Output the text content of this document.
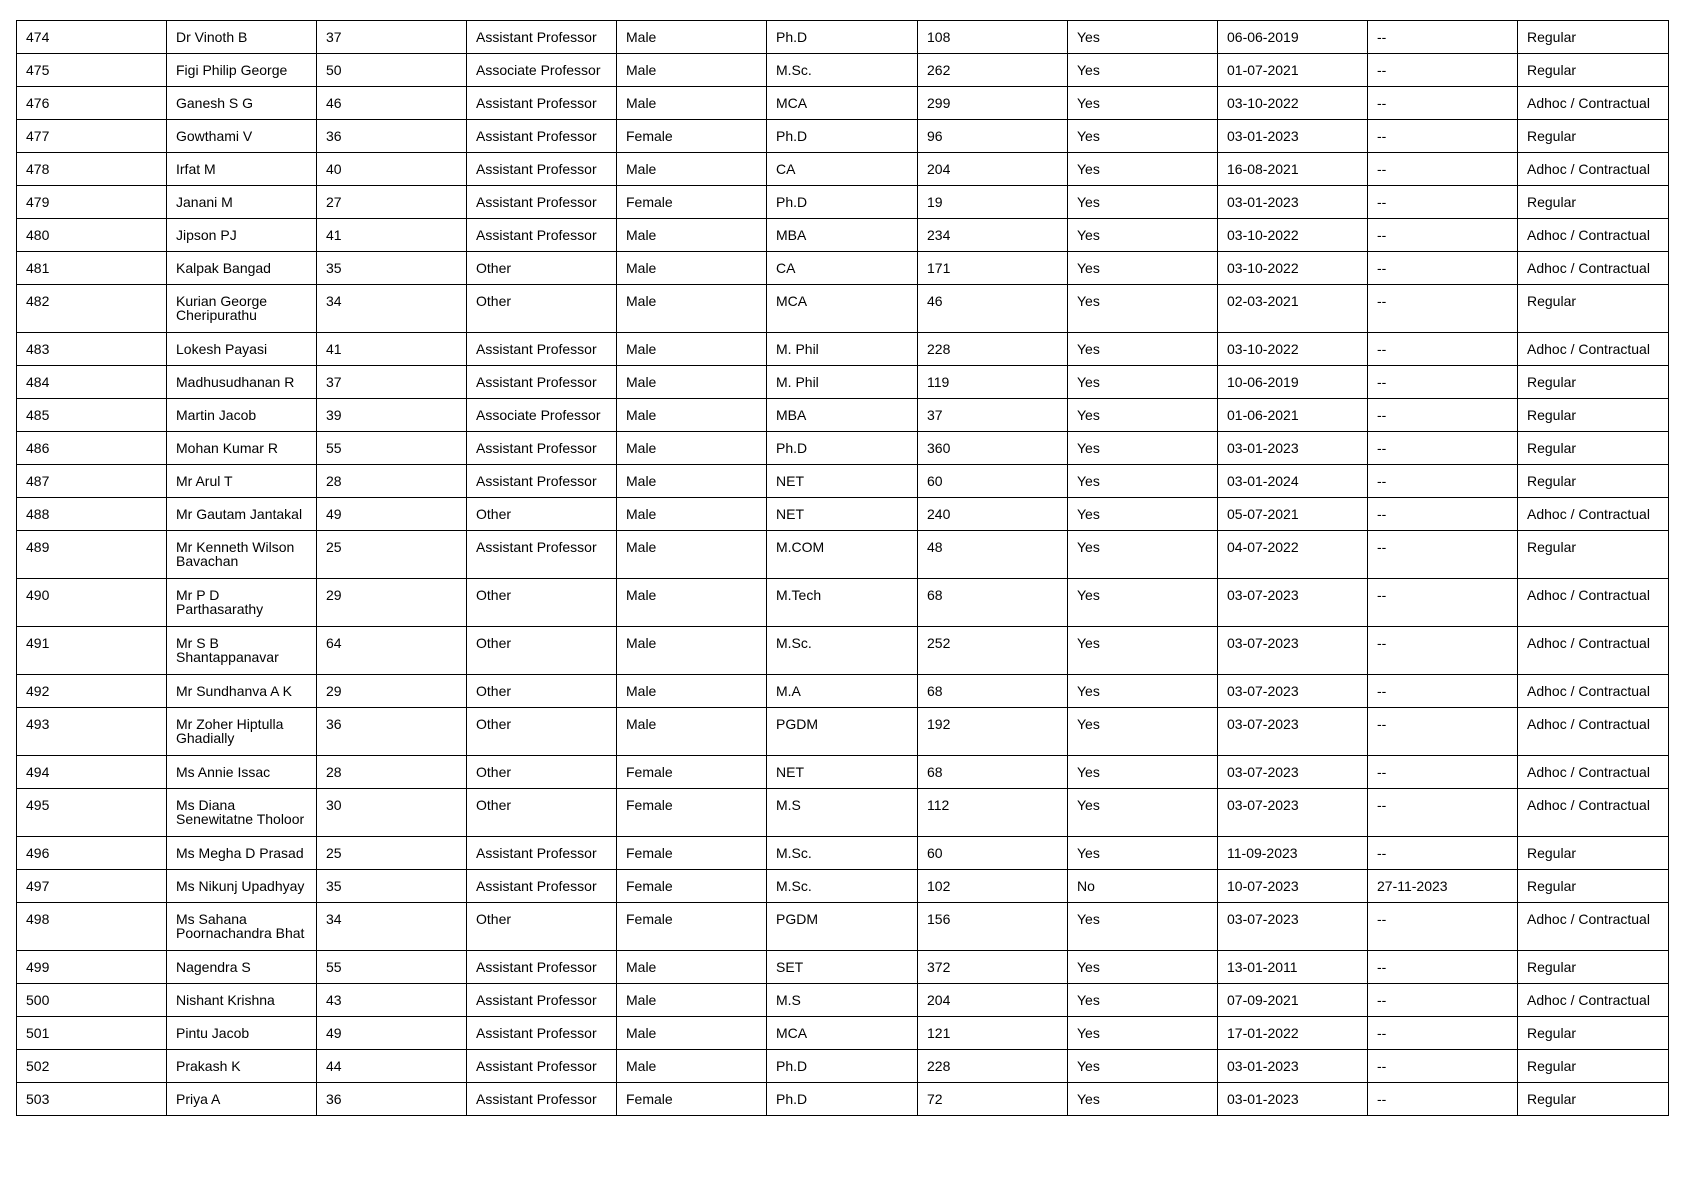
474	Dr Vinoth B	37	Assistant Professor	Male	Ph.D	108	Yes	06-06-2019	--	Regular
475	Figi Philip George	50	Associate Professor	Male	M.Sc.	262	Yes	01-07-2021	--	Regular
476	Ganesh S G	46	Assistant Professor	Male	MCA	299	Yes	03-10-2022	--	Adhoc / Contractual
477	Gowthami V	36	Assistant Professor	Female	Ph.D	96	Yes	03-01-2023	--	Regular
478	Irfat M	40	Assistant Professor	Male	CA	204	Yes	16-08-2021	--	Adhoc / Contractual
479	Janani M	27	Assistant Professor	Female	Ph.D	19	Yes	03-01-2023	--	Regular
480	Jipson PJ	41	Assistant Professor	Male	MBA	234	Yes	03-10-2022	--	Adhoc / Contractual
481	Kalpak Bangad	35	Other	Male	CA	171	Yes	03-10-2022	--	Adhoc / Contractual
482	Kurian George Cheripurathu	34	Other	Male	MCA	46	Yes	02-03-2021	--	Regular
483	Lokesh Payasi	41	Assistant Professor	Male	M. Phil	228	Yes	03-10-2022	--	Adhoc / Contractual
484	Madhusudhanan R	37	Assistant Professor	Male	M. Phil	119	Yes	10-06-2019	--	Regular
485	Martin Jacob	39	Associate Professor	Male	MBA	37	Yes	01-06-2021	--	Regular
486	Mohan Kumar R	55	Assistant Professor	Male	Ph.D	360	Yes	03-01-2023	--	Regular
487	Mr Arul T	28	Assistant Professor	Male	NET	60	Yes	03-01-2024	--	Regular
488	Mr Gautam Jantakal	49	Other	Male	NET	240	Yes	05-07-2021	--	Adhoc / Contractual
489	Mr Kenneth Wilson Bavachan	25	Assistant Professor	Male	M.COM	48	Yes	04-07-2022	--	Regular
490	Mr P D Parthasarathy	29	Other	Male	M.Tech	68	Yes	03-07-2023	--	Adhoc / Contractual
491	Mr S B Shantappanavar	64	Other	Male	M.Sc.	252	Yes	03-07-2023	--	Adhoc / Contractual
492	Mr Sundhanva A K	29	Other	Male	M.A	68	Yes	03-07-2023	--	Adhoc / Contractual
493	Mr Zoher Hiptulla Ghadially	36	Other	Male	PGDM	192	Yes	03-07-2023	--	Adhoc / Contractual
494	Ms Annie Issac	28	Other	Female	NET	68	Yes	03-07-2023	--	Adhoc / Contractual
495	Ms Diana Senewitatne Tholoor	30	Other	Female	M.S	112	Yes	03-07-2023	--	Adhoc / Contractual
496	Ms Megha D Prasad	25	Assistant Professor	Female	M.Sc.	60	Yes	11-09-2023	--	Regular
497	Ms Nikunj Upadhyay	35	Assistant Professor	Female	M.Sc.	102	No	10-07-2023	27-11-2023	Regular
498	Ms Sahana Poornachandra Bhat	34	Other	Female	PGDM	156	Yes	03-07-2023	--	Adhoc / Contractual
499	Nagendra S	55	Assistant Professor	Male	SET	372	Yes	13-01-2011	--	Regular
500	Nishant Krishna	43	Assistant Professor	Male	M.S	204	Yes	07-09-2021	--	Adhoc / Contractual
501	Pintu Jacob	49	Assistant Professor	Male	MCA	121	Yes	17-01-2022	--	Regular
502	Prakash K	44	Assistant Professor	Male	Ph.D	228	Yes	03-01-2023	--	Regular
503	Priya A	36	Assistant Professor	Female	Ph.D	72	Yes	03-01-2023	--	Regular
